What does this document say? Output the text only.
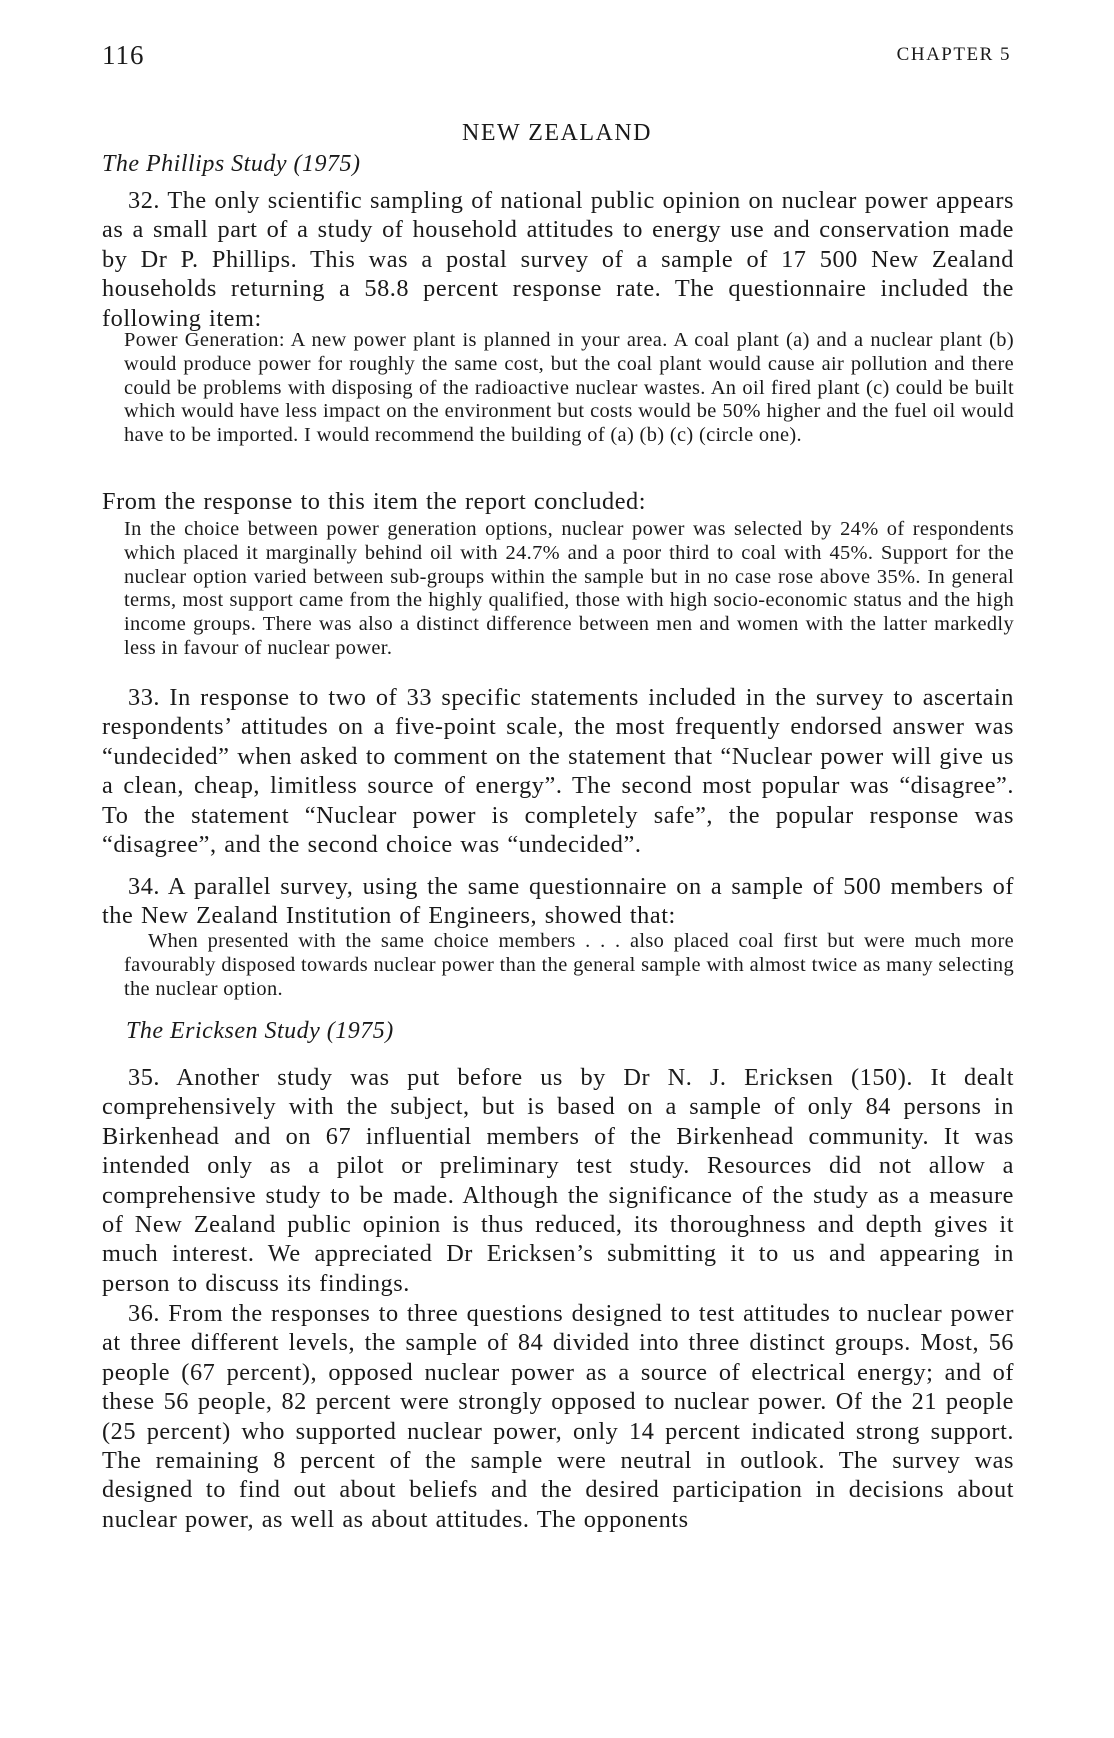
116	CHAPTER 5
NEW ZEALAND
The Phillips Study (1975)

32. The only scientific sampling of national public opinion on nuclear power appears as a small part of a study of household attitudes to energy use and conservation made by Dr P. Phillips. This was a postal survey of a sample of 17 500 New Zealand households returning a 58.8 percent response rate. The questionnaire included the following item:

Power Generation: A new power plant is planned in your area. A coal plant (a) and a nuclear plant (b) would produce power for roughly the same cost, but the coal plant would cause air pollution and there could be problems with disposing of the radioactive nuclear wastes. An oil fired plant (c) could be built which would have less impact on the environment but costs would be 50% higher and the fuel oil would have to be imported. I would recommend the building of (a) (b) (c) (circle one).

From the response to this item the report concluded:

In the choice between power generation options, nuclear power was selected by 24% of respondents which placed it marginally behind oil with 24.7% and a poor third to coal with 45%. Support for the nuclear option varied between sub-groups within the sample but in no case rose above 35%. In general terms, most support came from the highly qualified, those with high socio-economic status and the high income groups. There was also a distinct difference between men and women with the latter markedly less in favour of nuclear power.

33. In response to two of 33 specific statements included in the survey to ascertain respondents’ attitudes on a five-point scale, the most frequently endorsed answer was “undecided” when asked to comment on the statement that “Nuclear power will give us a clean, cheap, limitless source of energy”. The second most popular was “disagree”. To the statement “Nuclear power is completely safe”, the popular response was “disagree”, and the second choice was “undecided”.

34. A parallel survey, using the same questionnaire on a sample of 500 members of the New Zealand Institution of Engineers, showed that:

When presented with the same choice members . . . also placed coal first but were much more favourably disposed towards nuclear power than the general sample with almost twice as many selecting the nuclear option.

The Ericksen Study (1975)

35. Another study was put before us by Dr N. J. Ericksen (150). It dealt comprehensively with the subject, but is based on a sample of only 84 persons in Birkenhead and on 67 influential members of the Birkenhead community. It was intended only as a pilot or preliminary test study. Resources did not allow a comprehensive study to be made. Although the significance of the study as a measure of New Zealand public opinion is thus reduced, its thoroughness and depth gives it much interest. We appreciated Dr Ericksen’s submitting it to us and appearing in person to discuss its findings.

36. From the responses to three questions designed to test attitudes to nuclear power at three different levels, the sample of 84 divided into three distinct groups. Most, 56 people (67 percent), opposed nuclear power as a source of electrical energy; and of these 56 people, 82 percent were strongly opposed to nuclear power. Of the 21 people (25 percent) who supported nuclear power, only 14 percent indicated strong support. The remaining 8 percent of the sample were neutral in outlook. The survey was designed to find out about beliefs and the desired participation in decisions about nuclear power, as well as about attitudes. The opponents
